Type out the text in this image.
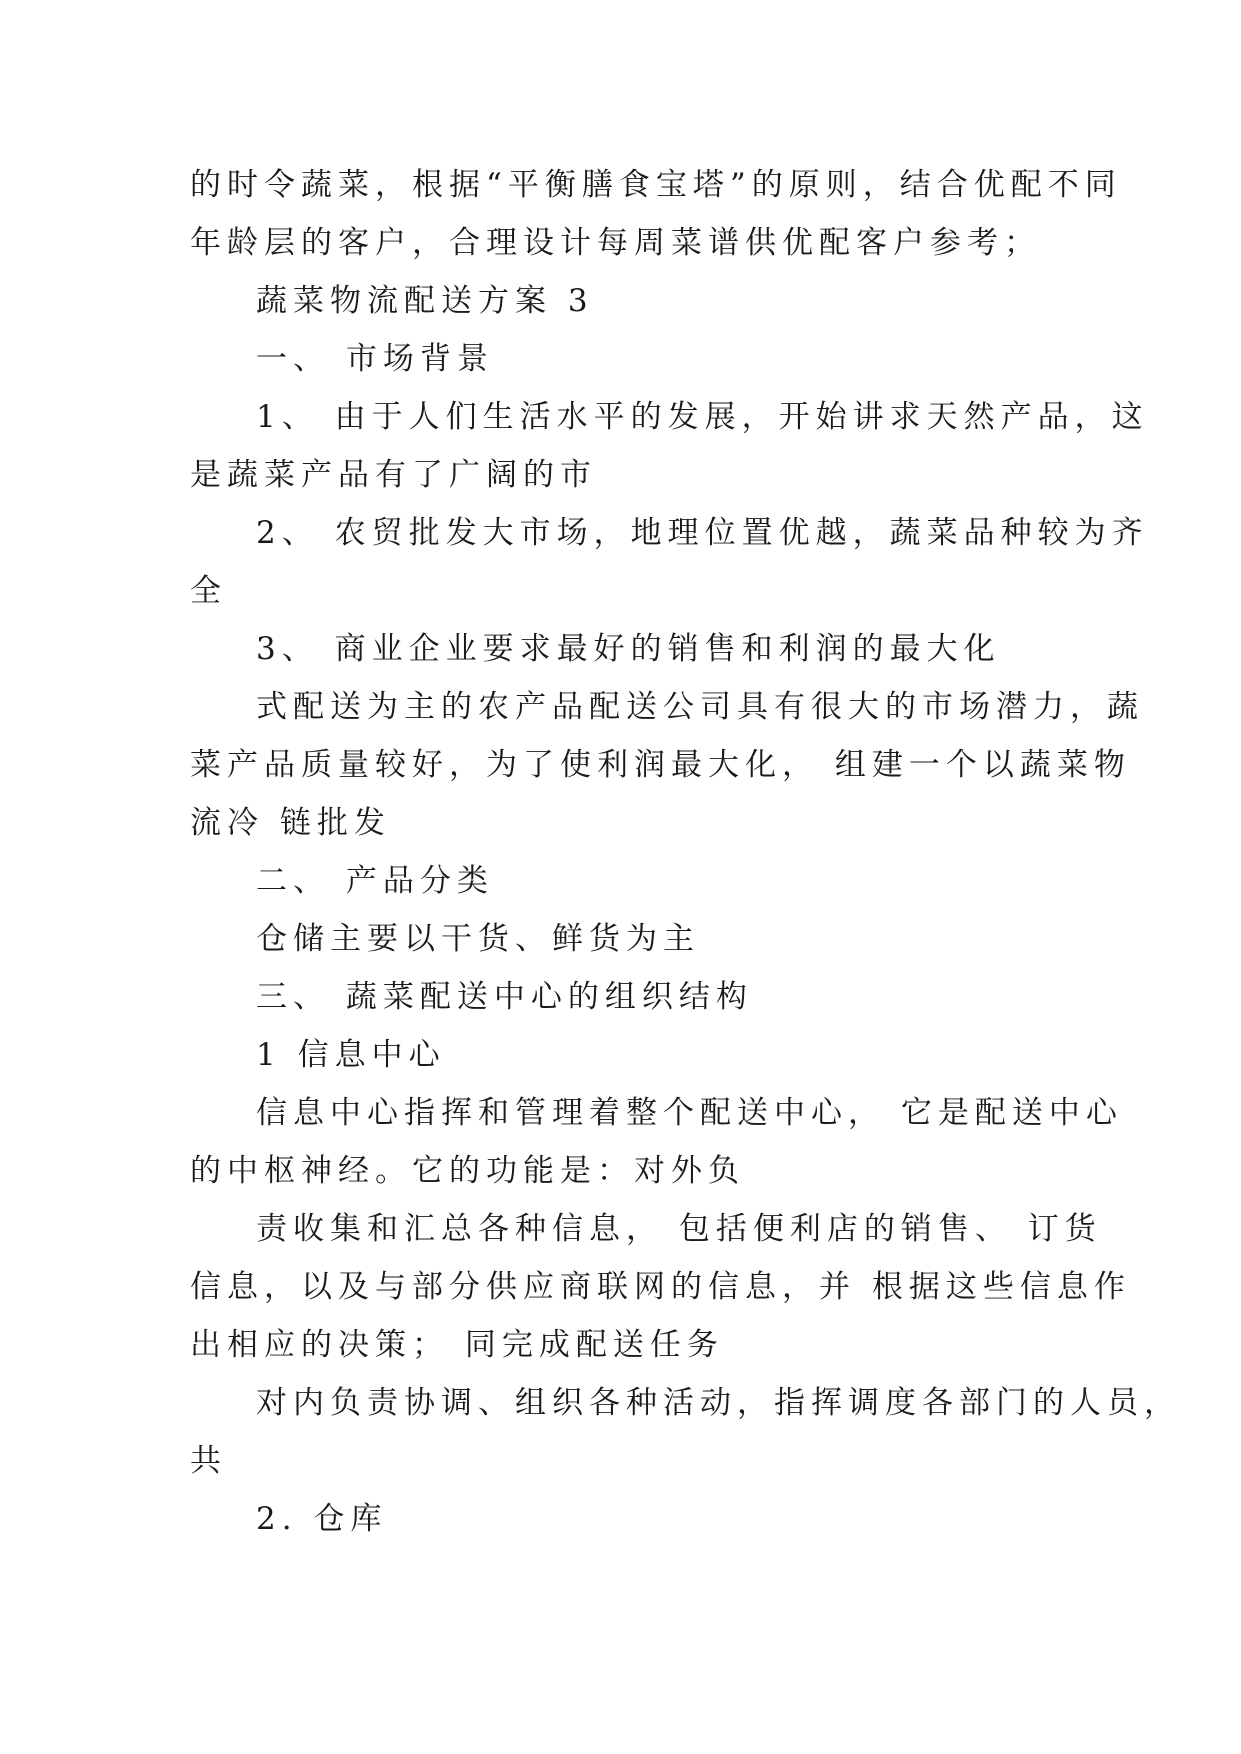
的时令蔬菜，根据“平衡膳食宝塔”的原则，结合优配不同
年龄层的客户，合理设计每周菜谱供优配客户参考；
蔬菜物流配送方案 3
一、 市场背景
1、 由于人们生活水平的发展，开始讲求天然产品，这
是蔬菜产品有了广阔的市
2、 农贸批发大市场，地理位置优越，蔬菜品种较为齐
全
3、 商业企业要求最好的销售和利润的最大化
式配送为主的农产品配送公司具有很大的市场潜力，蔬
菜产品质量较好，为了使利润最大化， 组建一个以蔬菜物
流冷 链批发
二、 产品分类
仓储主要以干货、鲜货为主
三、 蔬菜配送中心的组织结构
1 信息中心
信息中心指挥和管理着整个配送中心， 它是配送中心
的中枢神经。它的功能是：对外负
责收集和汇总各种信息， 包括便利店的销售、 订货
信息，以及与部分供应商联网的信息，并 根据这些信息作
出相应的决策； 同完成配送任务
对内负责协调、组织各种活动，指挥调度各部门的人员，
共
2. 仓库
